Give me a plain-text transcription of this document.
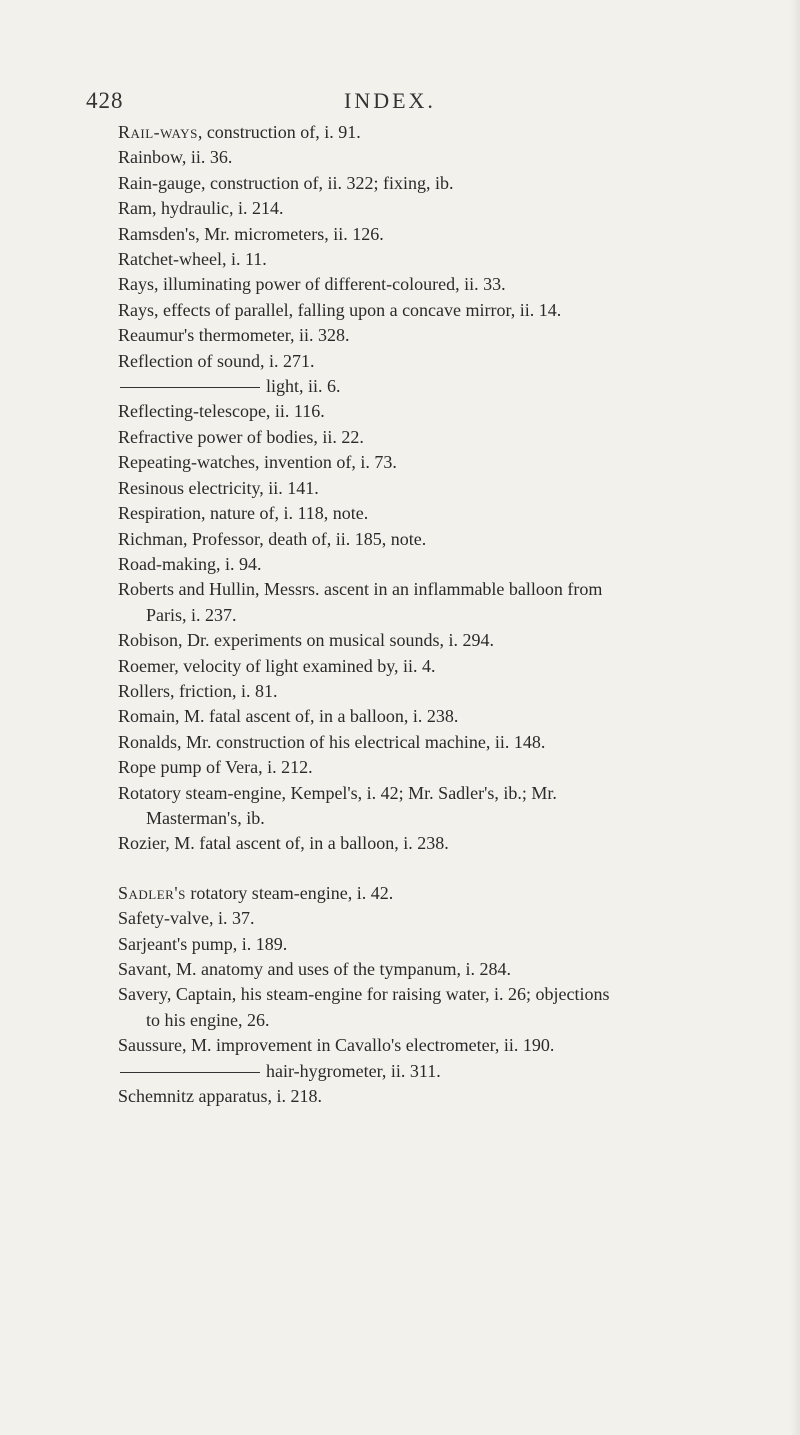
428	INDEX.
Rail-ways, construction of, i. 91.
Rainbow, ii. 36.
Rain-gauge, construction of, ii. 322; fixing, ib.
Ram, hydraulic, i. 214.
Ramsden's, Mr. micrometers, ii. 126.
Ratchet-wheel, i. 11.
Rays, illuminating power of different-coloured, ii. 33.
Rays, effects of parallel, falling upon a concave mirror, ii. 14.
Reaumur's thermometer, ii. 328.
Reflection of sound, i. 271.
light, ii. 6.
Reflecting-telescope, ii. 116.
Refractive power of bodies, ii. 22.
Repeating-watches, invention of, i. 73.
Resinous electricity, ii. 141.
Respiration, nature of, i. 118, note.
Richman, Professor, death of, ii. 185, note.
Road-making, i. 94.
Roberts and Hullin, Messrs. ascent in an inflammable balloon from
Paris, i. 237.
Robison, Dr. experiments on musical sounds, i. 294.
Roemer, velocity of light examined by, ii. 4.
Rollers, friction, i. 81.
Romain, M. fatal ascent of, in a balloon, i. 238.
Ronalds, Mr. construction of his electrical machine, ii. 148.
Rope pump of Vera, i. 212.
Rotatory steam-engine, Kempel's, i. 42; Mr. Sadler's, ib.; Mr.
Masterman's, ib.
Rozier, M. fatal ascent of, in a balloon, i. 238.
Sadler's rotatory steam-engine, i. 42.
Safety-valve, i. 37.
Sarjeant's pump, i. 189.
Savant, M. anatomy and uses of the tympanum, i. 284.
Savery, Captain, his steam-engine for raising water, i. 26; objections
to his engine, 26.
Saussure, M. improvement in Cavallo's electrometer, ii. 190.
hair-hygrometer, ii. 311.
Schemnitz apparatus, i. 218.
